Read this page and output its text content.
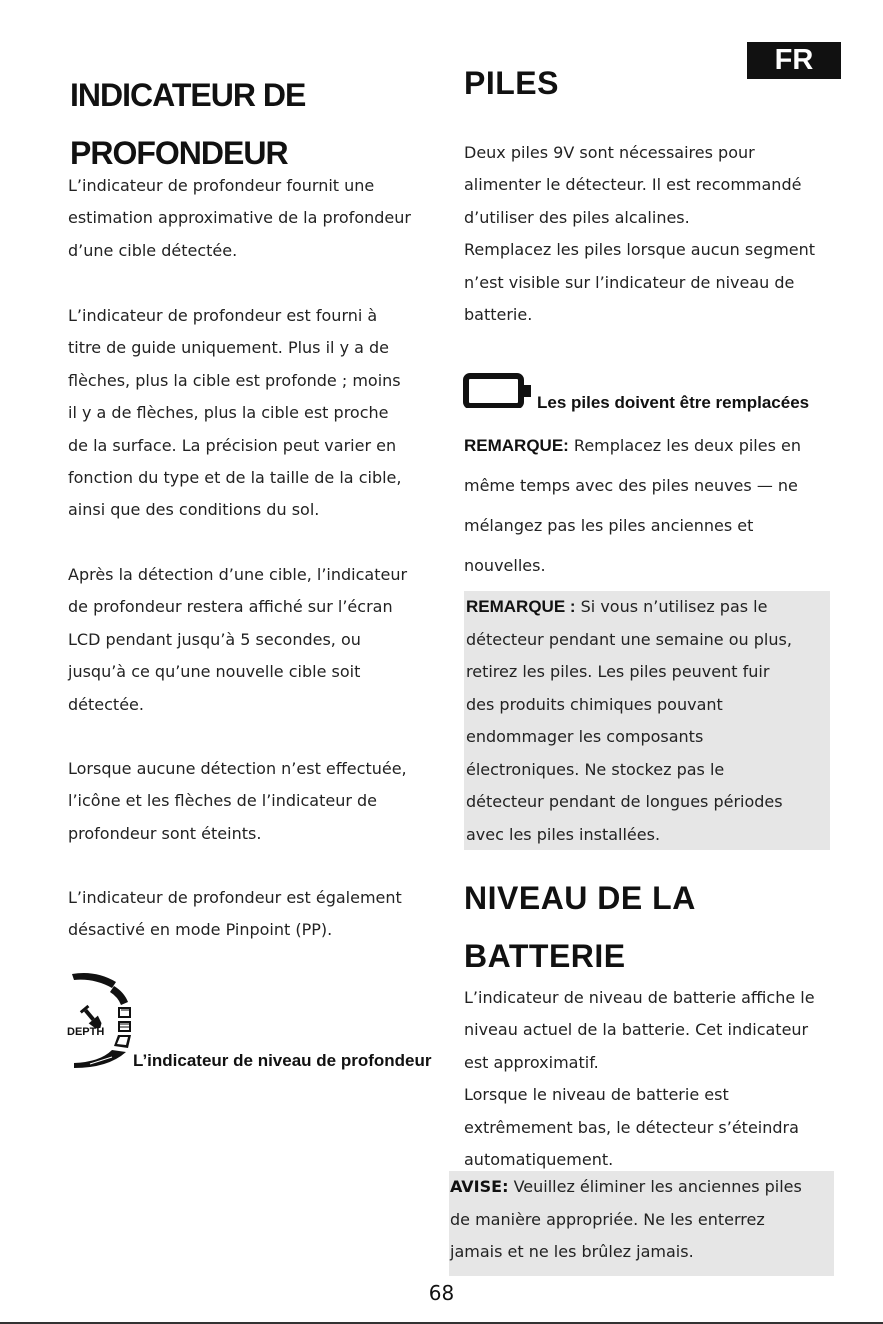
FR
INDICATEUR DE
PROFONDEUR

L’indicateur de profondeur fournit une

estimation approximative de la profondeur

d’une cible détectée.

L’indicateur de profondeur est fourni à

titre de guide uniquement. Plus il y a de

flèches, plus la cible est profonde ; moins

il y a de flèches, plus la cible est proche

de la surface. La précision peut varier en

fonction du type et de la taille de la cible,

ainsi que des conditions du sol.

Après la détection d’une cible, l’indicateur

de profondeur restera affiché sur l’écran

LCD pendant jusqu’à 5 secondes, ou

jusqu’à ce qu’une nouvelle cible soit

détectée.

Lorsque aucune détection n’est effectuée,

l’icône et les flèches de l’indicateur de

profondeur sont éteints.

L’indicateur de profondeur est également

désactivé en mode Pinpoint (PP).

DEPTH
L’indicateur de niveau de profondeur
PILES

Deux piles 9V sont nécessaires pour

alimenter le détecteur. Il est recommandé

d’utiliser des piles alcalines.

Remplacez les piles lorsque aucun segment

n’est visible sur l’indicateur de niveau de

batterie.

Les piles doivent être remplacées
REMARQUE: Remplacez les deux piles en
même temps avec des piles neuves — ne
mélangez pas les piles anciennes et
nouvelles.
REMARQUE : Si vous n’utilisez pas le
détecteur pendant une semaine ou plus,
retirez les piles. Les piles peuvent fuir
des produits chimiques pouvant
endommager les composants
électroniques. Ne stockez pas le
détecteur pendant de longues périodes
avec les piles installées.
NIVEAU DE LA
BATTERIE

L’indicateur de niveau de batterie affiche le

niveau actuel de la batterie. Cet indicateur

est approximatif.

Lorsque le niveau de batterie est

extrêmement bas, le détecteur s’éteindra

automatiquement.

AVISE: Veuillez éliminer les anciennes piles
de manière appropriée. Ne les enterrez
jamais et ne les brûlez jamais.
68
